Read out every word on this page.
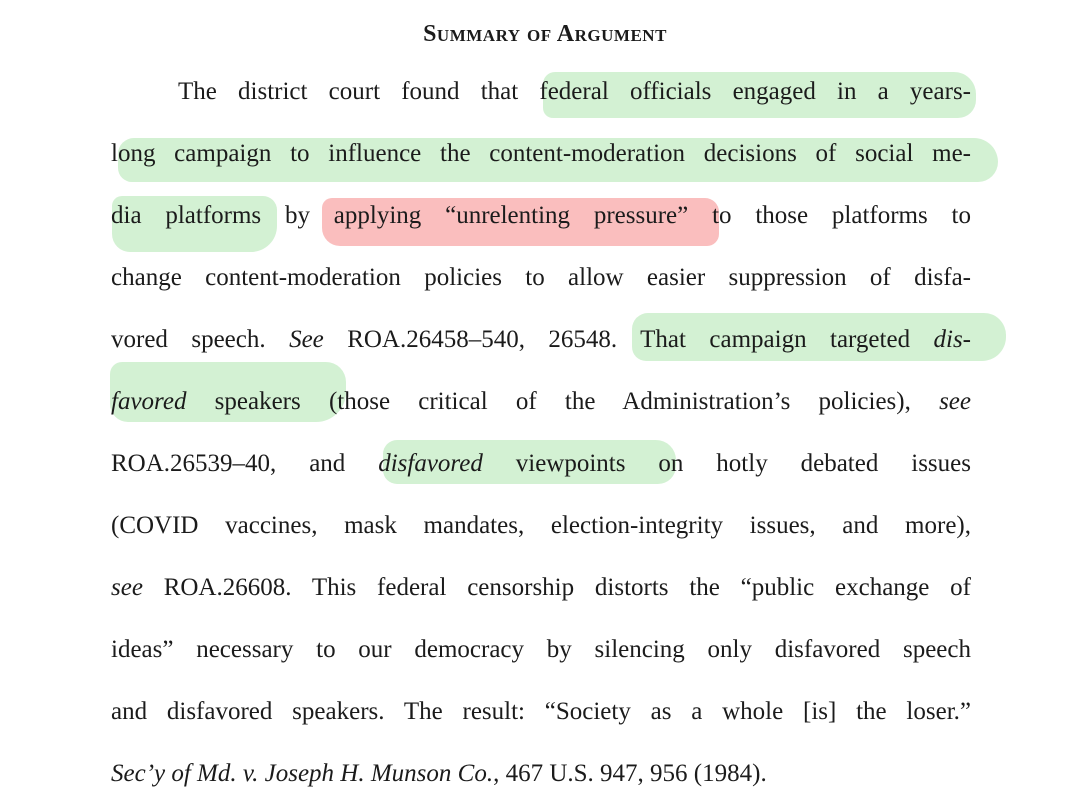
Summary of Argument
The district court found that federal officials engaged in a years-
long campaign to influence the content-moderation decisions of social me-
dia platforms by applying “unrelenting pressure” to those platforms to
change content-moderation policies to allow easier suppression of disfa-
vored speech. See ROA.26458–540, 26548. That campaign targeted dis-
favored speakers (those critical of the Administration’s policies), see
ROA.26539–40, and disfavored viewpoints on hotly debated issues
(COVID vaccines, mask mandates, election-integrity issues, and more),
see ROA.26608. This federal censorship distorts the “public exchange of
ideas” necessary to our democracy by silencing only disfavored speech
and disfavored speakers. The result: “Society as a whole [is] the loser.”
Sec’y of Md. v. Joseph H. Munson Co., 467 U.S. 947, 956 (1984).
